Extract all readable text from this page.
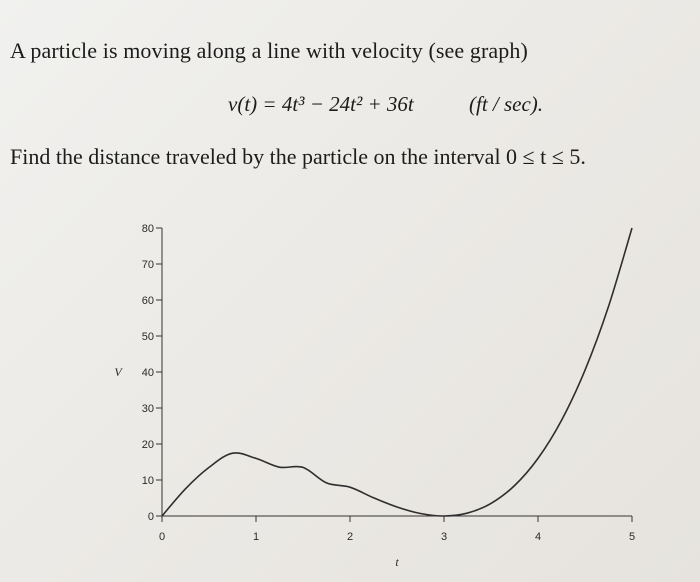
A particle is moving along a line with velocity (see graph)
v(t) = 4t³ − 24t² + 36t	(ft / sec).
Find the distance traveled by the particle on the interval 0 ≤ t ≤ 5.
0
10
20
30
40
50
60
70
80
0	1	2	3	4	5
V
t
